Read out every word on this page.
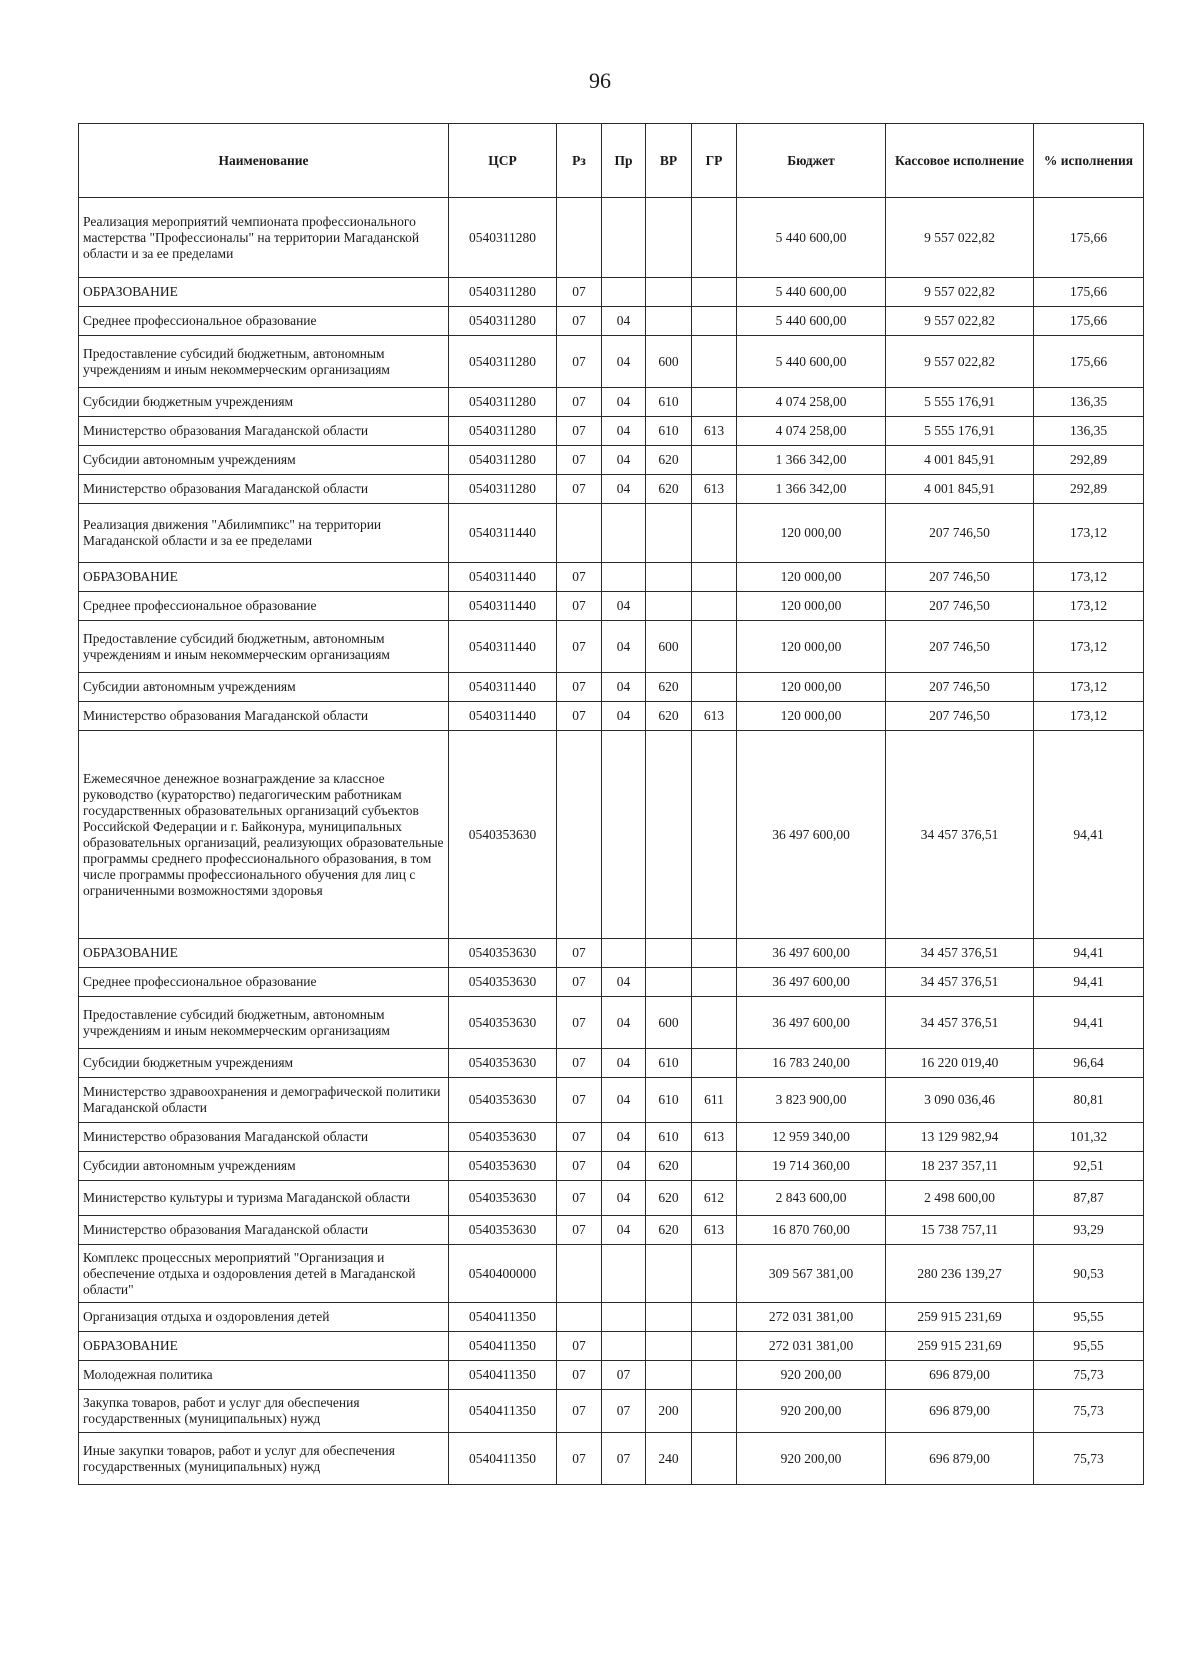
96
Наименование	ЦСР	Рз	Пр	ВР	ГР	Бюджет	Кассовое исполнение	% исполнения
Реализация мероприятий чемпионата профессионального мастерства "Профессионалы" на территории Магаданской области и за ее пределами	0540311280					5 440 600,00	9 557 022,82	175,66
ОБРАЗОВАНИЕ	0540311280	07				5 440 600,00	9 557 022,82	175,66
Среднее профессиональное образование	0540311280	07	04			5 440 600,00	9 557 022,82	175,66
Предоставление субсидий бюджетным, автономным учреждениям и иным некоммерческим организациям	0540311280	07	04	600		5 440 600,00	9 557 022,82	175,66
Субсидии бюджетным учреждениям	0540311280	07	04	610		4 074 258,00	5 555 176,91	136,35
Министерство образования Магаданской области	0540311280	07	04	610	613	4 074 258,00	5 555 176,91	136,35
Субсидии автономным учреждениям	0540311280	07	04	620		1 366 342,00	4 001 845,91	292,89
Министерство образования Магаданской области	0540311280	07	04	620	613	1 366 342,00	4 001 845,91	292,89
Реализация движения "Абилимпикс" на территории Магаданской области и за ее пределами	0540311440					120 000,00	207 746,50	173,12
ОБРАЗОВАНИЕ	0540311440	07				120 000,00	207 746,50	173,12
Среднее профессиональное образование	0540311440	07	04			120 000,00	207 746,50	173,12
Предоставление субсидий бюджетным, автономным учреждениям и иным некоммерческим организациям	0540311440	07	04	600		120 000,00	207 746,50	173,12
Субсидии автономным учреждениям	0540311440	07	04	620		120 000,00	207 746,50	173,12
Министерство образования Магаданской области	0540311440	07	04	620	613	120 000,00	207 746,50	173,12
Ежемесячное денежное вознаграждение за классное руководство (кураторство) педагогическим работникам государственных образовательных организаций субъектов Российской Федерации и г. Байконура, муниципальных образовательных организаций, реализующих образовательные программы среднего профессионального образования, в том числе программы профессионального обучения для лиц с ограниченными возможностями здоровья	0540353630					36 497 600,00	34 457 376,51	94,41
ОБРАЗОВАНИЕ	0540353630	07				36 497 600,00	34 457 376,51	94,41
Среднее профессиональное образование	0540353630	07	04			36 497 600,00	34 457 376,51	94,41
Предоставление субсидий бюджетным, автономным учреждениям и иным некоммерческим организациям	0540353630	07	04	600		36 497 600,00	34 457 376,51	94,41
Субсидии бюджетным учреждениям	0540353630	07	04	610		16 783 240,00	16 220 019,40	96,64
Министерство здравоохранения и демографической политики Магаданской области	0540353630	07	04	610	611	3 823 900,00	3 090 036,46	80,81
Министерство образования Магаданской области	0540353630	07	04	610	613	12 959 340,00	13 129 982,94	101,32
Субсидии автономным учреждениям	0540353630	07	04	620		19 714 360,00	18 237 357,11	92,51
Министерство культуры и туризма Магаданской области	0540353630	07	04	620	612	2 843 600,00	2 498 600,00	87,87
Министерство образования Магаданской области	0540353630	07	04	620	613	16 870 760,00	15 738 757,11	93,29
Комплекс процессных мероприятий "Организация и обеспечение отдыха и оздоровления детей в Магаданской области"	0540400000					309 567 381,00	280 236 139,27	90,53
Организация отдыха и оздоровления детей	0540411350					272 031 381,00	259 915 231,69	95,55
ОБРАЗОВАНИЕ	0540411350	07				272 031 381,00	259 915 231,69	95,55
Молодежная политика	0540411350	07	07			920 200,00	696 879,00	75,73
Закупка товаров, работ и услуг для обеспечения государственных (муниципальных) нужд	0540411350	07	07	200		920 200,00	696 879,00	75,73
Иные закупки товаров, работ и услуг для обеспечения государственных (муниципальных) нужд	0540411350	07	07	240		920 200,00	696 879,00	75,73
